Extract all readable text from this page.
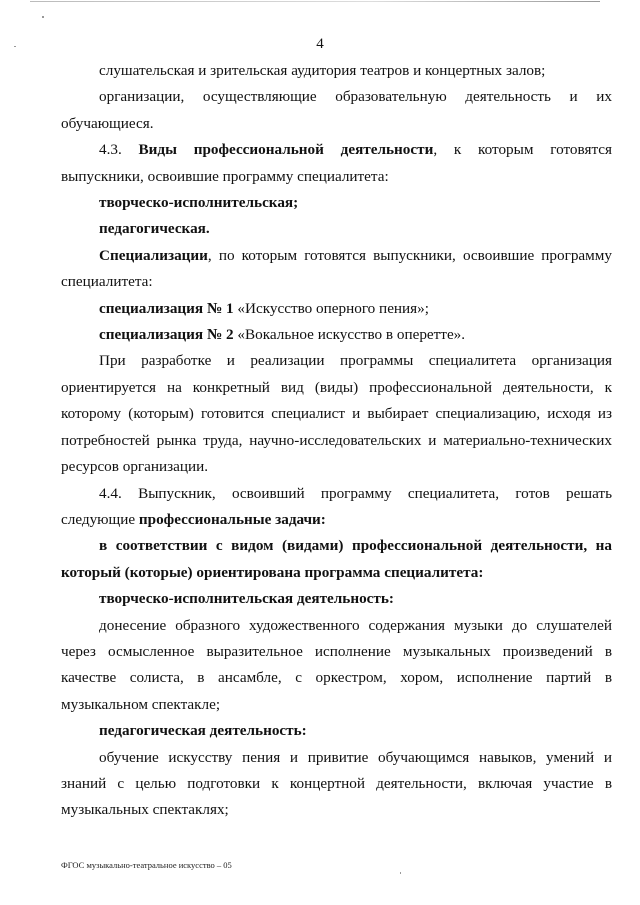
4

слушательская и зрительская аудитория театров и концертных залов;

организации, осуществляющие образовательную деятельность и их обучающиеся.

4.3. Виды профессиональной деятельности, к которым готовятся выпускники, освоившие программу специалитета:

творческо-исполнительская;

педагогическая.

Специализации, по которым готовятся выпускники, освоившие программу специалитета:

специализация № 1 «Искусство оперного пения»;

специализация № 2 «Вокальное искусство в оперетте».

При разработке и реализации программы специалитета организация ориентируется на конкретный вид (виды) профессиональной деятельности, к которому (которым) готовится специалист и выбирает специализацию, исходя из потребностей рынка труда, научно-исследовательских и материально-технических ресурсов организации.

4.4. Выпускник, освоивший программу специалитета, готов решать следующие профессиональные задачи:

в соответствии с видом (видами) профессиональной деятельности, на который (которые) ориентирована программа специалитета:

творческо-исполнительская деятельность:

донесение образного художественного содержания музыки до слушателей через осмысленное выразительное исполнение музыкальных произведений в качестве солиста, в ансамбле, с оркестром, хором, исполнение партий в музыкальном спектакле;

педагогическая деятельность:

обучение искусству пения и привитие обучающимся навыков, умений и знаний с целью подготовки к концертной деятельности, включая участие в музыкальных спектаклях;

ФГОС музыкально-театральное искусство – 05
